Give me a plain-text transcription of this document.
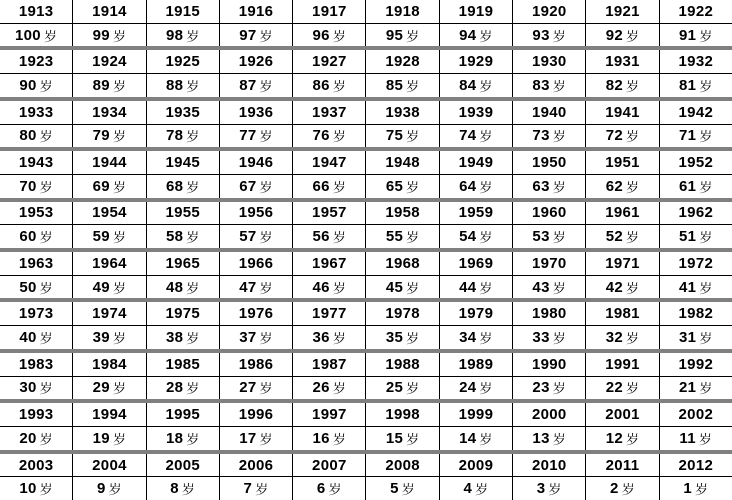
1913	1914	1915	1916	1917	1918	1919	1920	1921	1922
100 岁 99 岁	98 岁	97 岁	96 岁	95 岁	94 岁	93 岁	92 岁	91 岁
1923	1924	1925	1926	1927	1928	1929	1930	1931	1932
90 岁	89 岁	88 岁	87 岁	86 岁	85 岁	84 岁	83 岁	82 岁	81 岁
1933	1934	1935	1936	1937	1938	1939	1940	1941	1942
80 岁	79 岁	78 岁	77 岁	76 岁	75 岁	74 岁	73 岁	72 岁	71 岁
1943	1944	1945	1946	1947	1948	1949	1950	1951	1952
70 岁	69 岁	68 岁	67 岁	66 岁	65 岁	64 岁	63 岁	62 岁	61 岁
1953	1954	1955	1956	1957	1958	1959	1960	1961	1962
60 岁	59 岁	58 岁	57 岁	56 岁	55 岁	54 岁	53 岁	52 岁	51 岁
1963	1964	1965	1966	1967	1968	1969	1970	1971	1972
50 岁	49 岁	48 岁	47 岁	46 岁	45 岁	44 岁	43 岁	42 岁	41 岁
1973	1974	1975	1976	1977	1978	1979	1980	1981	1982
40 岁	39 岁	38 岁	37 岁	36 岁	35 岁	34 岁	33 岁	32 岁	31 岁
1983	1984	1985	1986	1987	1988	1989	1990	1991	1992
30 岁	29 岁	28 岁	27 岁	26 岁	25 岁	24 岁	23 岁	22 岁	21 岁
1993	1994	1995	1996	1997	1998	1999	2000	2001	2002
20 岁	19 岁	18 岁	17 岁	16 岁	15 岁	14 岁	13 岁	12 岁	11 岁
2003	2004	2005	2006	2007	2008	2009	2010	2011	2012
10 岁	9 岁	8 岁	7 岁	6 岁	5 岁	4 岁	3 岁	2 岁	1 岁
